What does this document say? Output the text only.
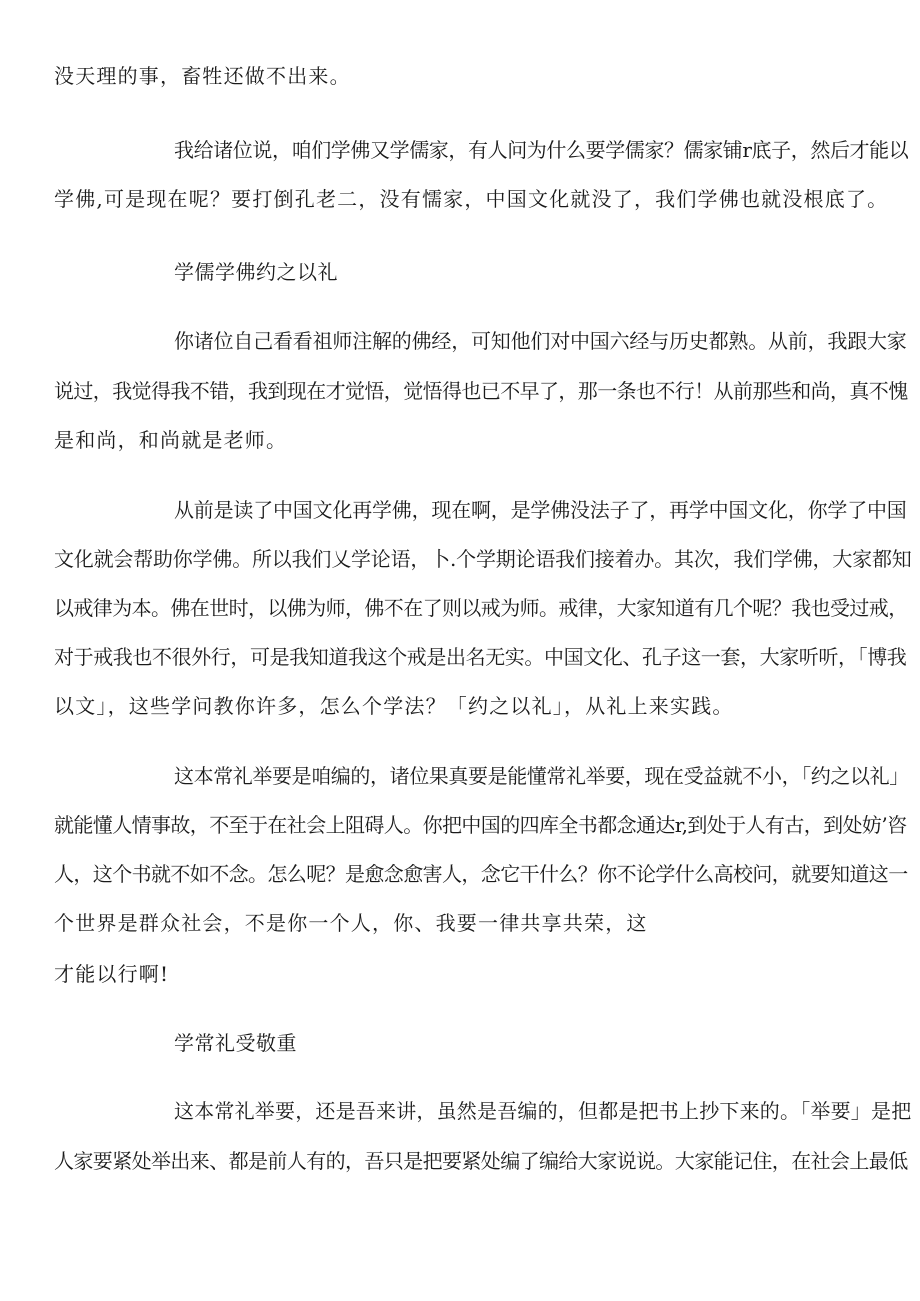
没天理的事，畜牲还做不出来。
我给诸位说，咱们学佛又学儒家，有人问为什么要学儒家？儒家铺r底子，然后才能以
学佛,可是现在呢？要打倒孔老二，没有懦家，中国文化就没了，我们学佛也就没根底了。
学儒学佛约之以礼
你诸位自己看看祖师注解的佛经，可知他们对中国六经与历史都熟。从前，我跟大家
说过，我觉得我不错，我到现在才觉悟，觉悟得也已不早了，那一条也不行！从前那些和尚，真不愧
是和尚，和尚就是老师。
从前是读了中国文化再学佛，现在啊，是学佛没法子了，再学中国文化，你学了中国
文化就会帮助你学佛。所以我们乂学论语，卜.个学期论语我们接着办。其次，我们学佛，大家都知
以戒律为本。佛在世时，以佛为师，佛不在了则以戒为师。戒律，大家知道有几个呢？我也受过戒，
对于戒我也不很外行，可是我知道我这个戒是出名无实。中国文化、孔子这一套，大家听听，「博我
以文」，这些学问教你许多，怎么个学法？「约之以礼」，从礼上来实践。
这本常礼举要是咱编的，诸位果真要是能懂常礼举要，现在受益就不小，「约之以礼」
就能懂人情事故，不至于在社会上阻碍人。你把中国的四库全书都念通达r,到处于人有古，到处妨’咨
人，这个书就不如不念。怎么呢？是愈念愈害人，念它干什么？你不论学什么高校问，就要知道这一
个世界是群众社会，不是你一个人，你、我要一律共享共荣，这
才能以行啊!
学常礼受敬重
这本常礼举要，还是吾来讲，虽然是吾编的，但都是把书上抄下来的。「举要」是把
人家要紧处举出来、都是前人有的，吾只是把要紧处编了编给大家说说。大家能记住，在社会上最低
